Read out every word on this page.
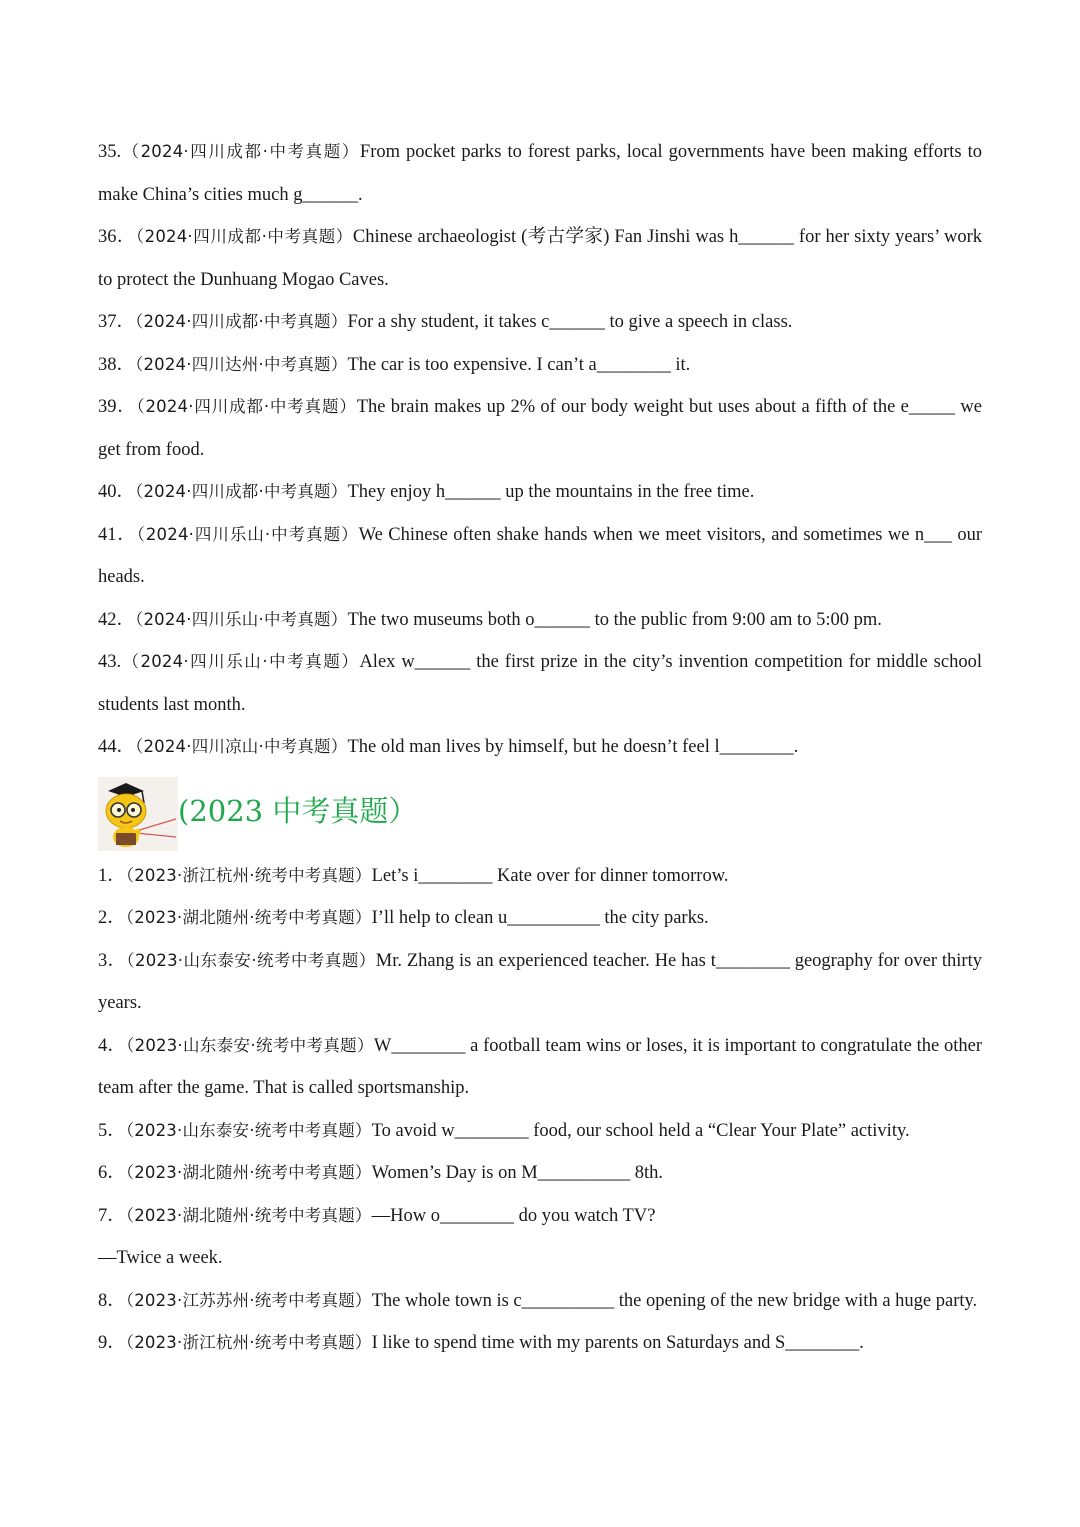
35.（2024·四川成都·中考真题）From pocket parks to forest parks, local governments have been making efforts to make China’s cities much g______.

36．（2024·四川成都·中考真题）Chinese archaeologist (考古学家) Fan Jinshi was h______ for her sixty years’ work to protect the Dunhuang Mogao Caves.

37．（2024·四川成都·中考真题）For a shy student, it takes c______ to give a speech in class.

38．（2024·四川达州·中考真题）The car is too expensive. I can’t a________ it.

39．（2024·四川成都·中考真题）The brain makes up 2% of our body weight but uses about a fifth of the e_____ we get from food.

40．（2024·四川成都·中考真题）They enjoy h______ up the mountains in the free time.

41．（2024·四川乐山·中考真题）We Chinese often shake hands when we meet visitors, and sometimes we n___ our heads.

42．（2024·四川乐山·中考真题）The two museums both o______ to the public from 9:00 am to 5:00 pm.

43.（2024·四川乐山·中考真题）Alex w______ the first prize in the city’s invention competition for middle school students last month.

44．（2024·四川凉山·中考真题）The old man lives by himself, but he doesn’t feel l________.

(2023 中考真题）

1．（2023·浙江杭州·统考中考真题）Let’s i________ Kate over for dinner tomorrow.

2．（2023·湖北随州·统考中考真题）I’ll help to clean u__________ the city parks.

3．（2023·山东泰安·统考中考真题）Mr. Zhang is an experienced teacher. He has t________ geography for over thirty years.

4．（2023·山东泰安·统考中考真题）W________ a football team wins or loses, it is important to congratulate the other team after the game. That is called sportsmanship.

5．（2023·山东泰安·统考中考真题）To avoid w________ food, our school held a “Clear Your Plate” activity.

6．（2023·湖北随州·统考中考真题）Women’s Day is on M__________ 8th.

7．（2023·湖北随州·统考中考真题）—How o________ do you watch TV?

—Twice a week.

8．（2023·江苏苏州·统考中考真题）The whole town is c__________ the opening of the new bridge with a huge party.

9．（2023·浙江杭州·统考中考真题）I like to spend time with my parents on Saturdays and S________.
